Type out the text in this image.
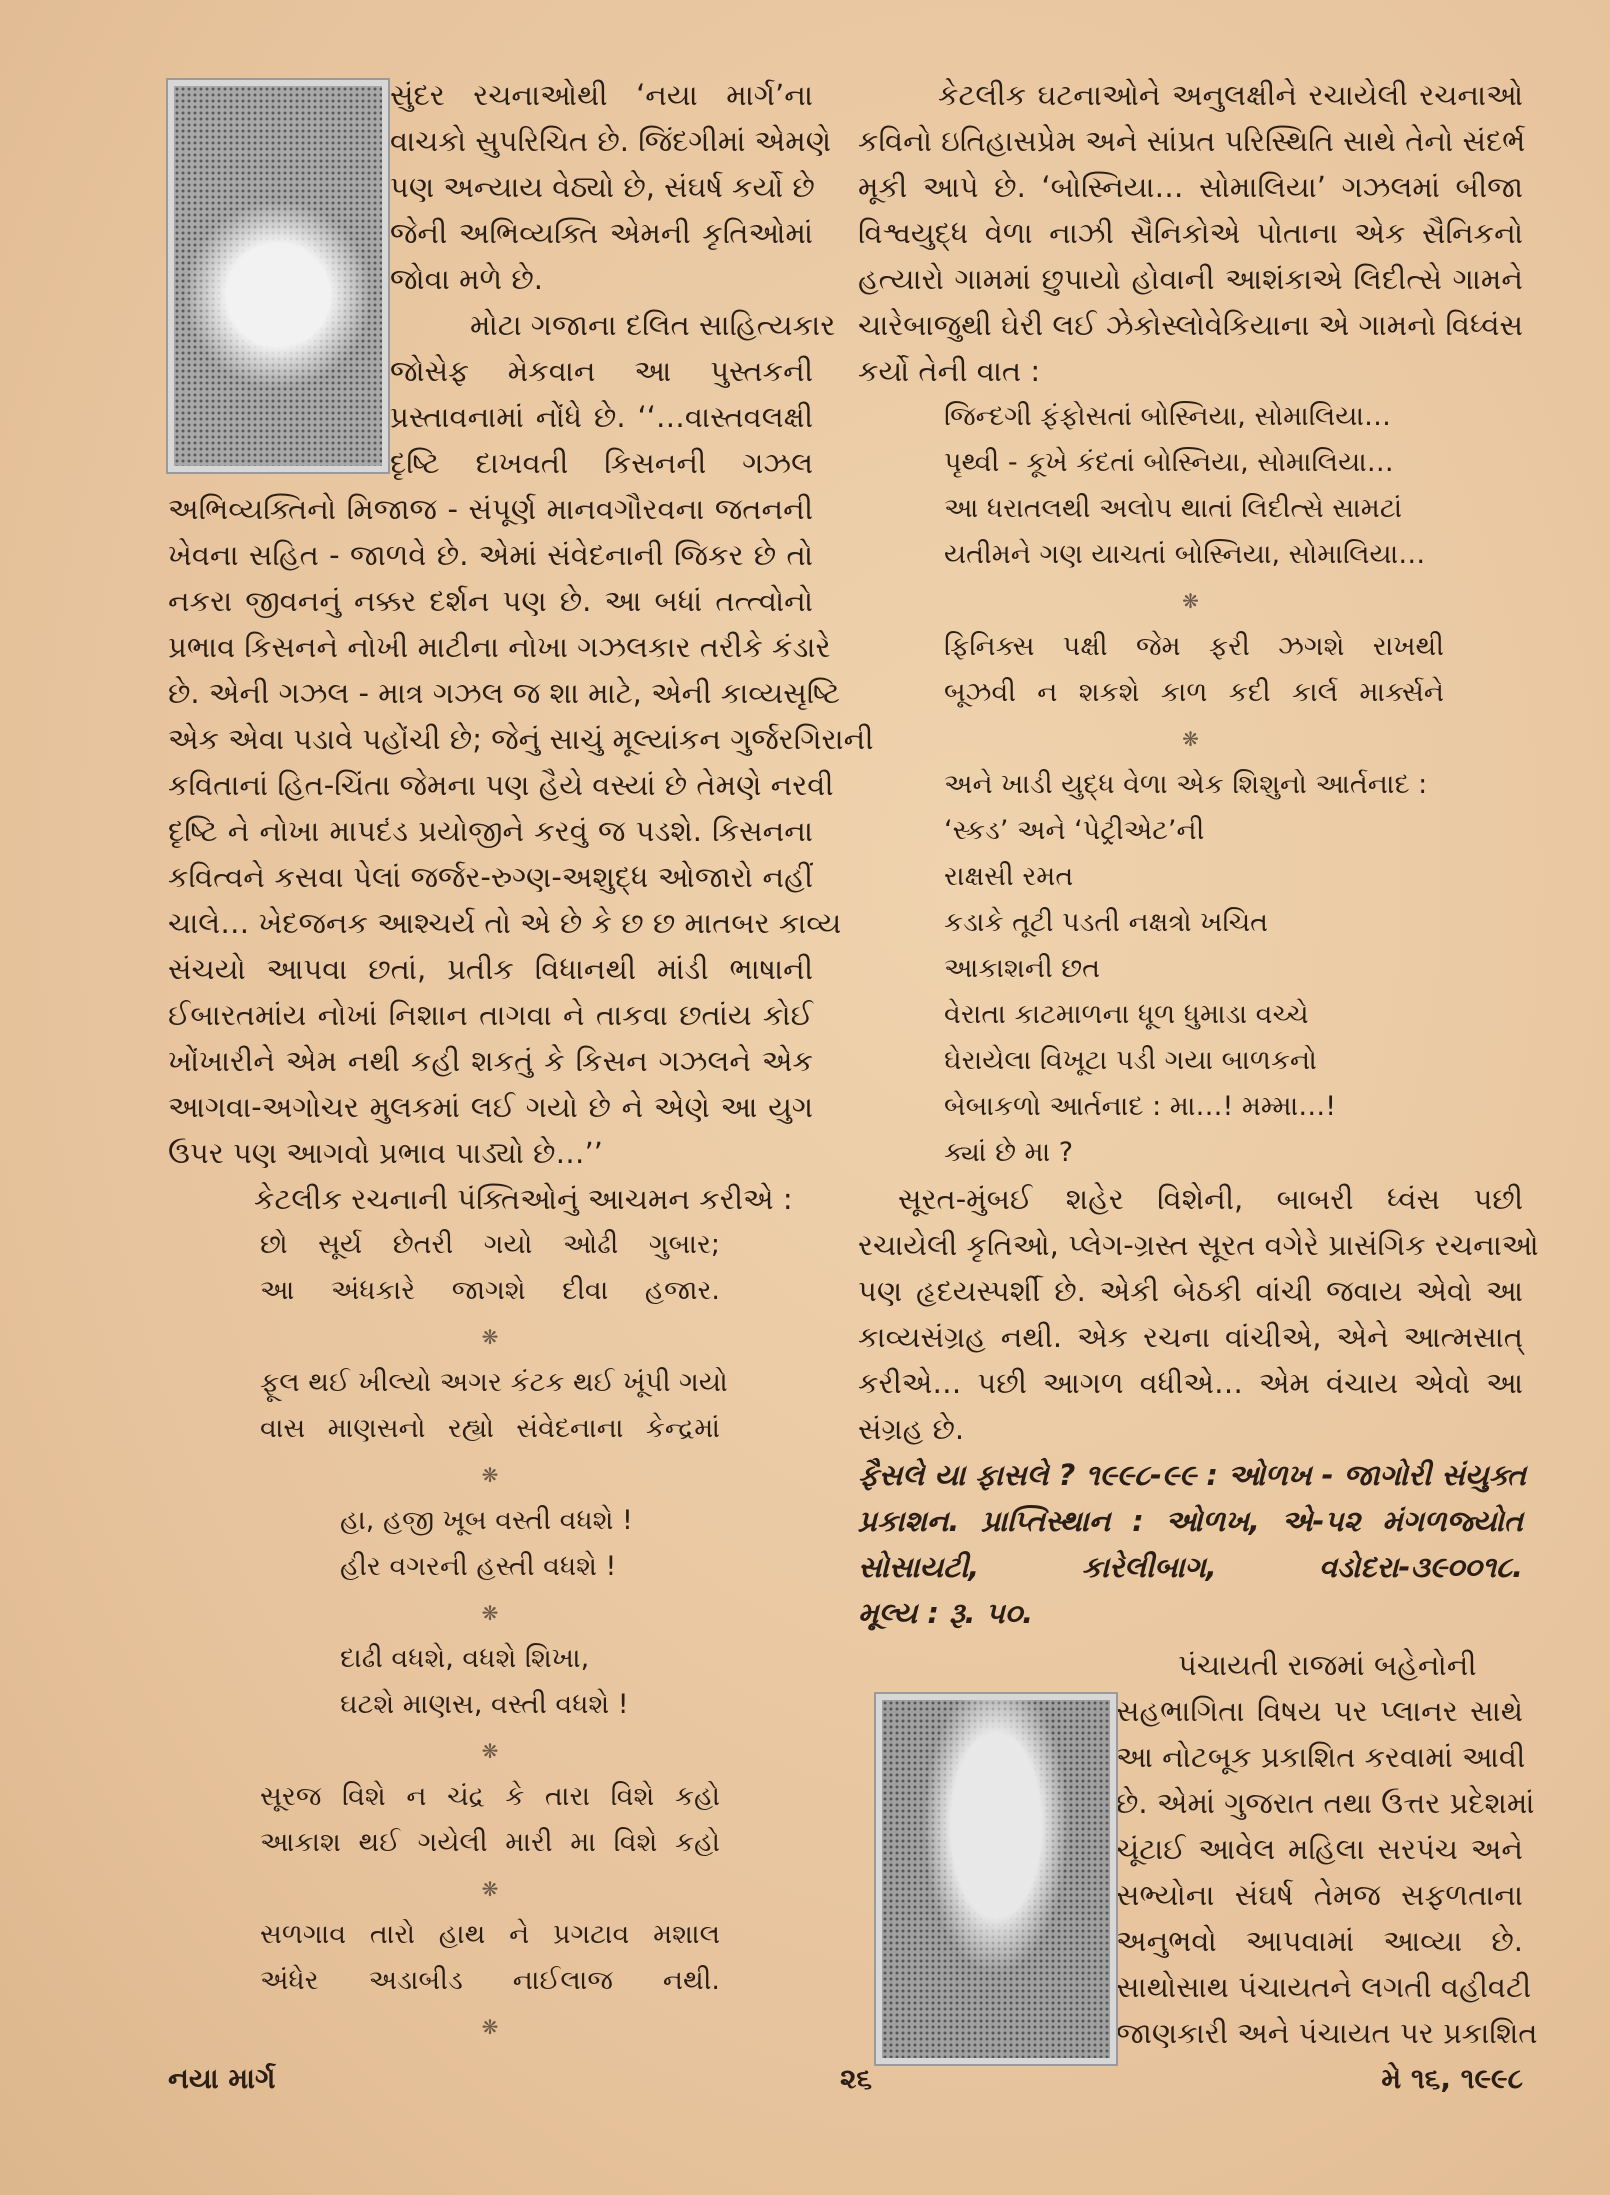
સુંદર રચનાઓથી ‘નયા માર્ગ’ના
વાચકો સુપરિચિત છે. જિંદગીમાં એમણે
પણ અન્યાય વેઠ્યો છે, સંઘર્ષ કર્યો છે
જેની અભિવ્યક્તિ એમની કૃતિઓમાં
જોવા મળે છે.
મોટા ગજાના દલિત સાહિત્યકાર
જોસેફ મેકવાન આ પુસ્તકની
પ્રસ્તાવનામાં નોંધે છે. ‘‘…વાસ્તવલક્ષી
દૃષ્ટિ દાખવતી કિસનની ગઝલ
અભિવ્યક્તિનો મિજાજ - સંપૂર્ણ માનવગૌરવના જતનની
ખેવના સહિત - જાળવે છે. એમાં સંવેદનાની જિકર છે તો
નકરા જીવનનું નક્કર દર્શન પણ છે. આ બધાં તત્ત્વોનો
પ્રભાવ કિસનને નોખી માટીના નોખા ગઝલકાર તરીકે કંડારે
છે. એની ગઝલ - માત્ર ગઝલ જ શા માટે, એની કાવ્યસૃષ્ટિ
એક એવા પડાવે પહોંચી છે; જેનું સાચું મૂલ્યાંકન ગુર્જરગિરાની
કવિતાનાં હિત-ચિંતા જેમના પણ હૈયે વસ્યાં છે તેમણે નરવી
દૃષ્ટિ ને નોખા માપદંડ પ્રયોજીને કરવું જ પડશે. કિસનના
કવિત્વને કસવા પેલાં જર્જર-રુગ્ણ-અશુદ્ધ ઓજારો નહીં
ચાલે… ખેદજનક આશ્ચર્ય તો એ છે કે છ છ માતબર કાવ્ય
સંચયો આપવા છતાં, પ્રતીક વિધાનથી માંડી ભાષાની
ઈબારતમાંય નોખાં નિશાન તાગવા ને તાકવા છતાંય કોઈ
ખોંખારીને એમ નથી કહી શકતું કે કિસન ગઝલને એક
આગવા-અગોચર મુલકમાં લઈ ગયો છે ને એણે આ યુગ
ઉપર પણ આગવો પ્રભાવ પાડ્યો છે…’’
કેટલીક રચનાની પંક્તિઓનું આચમન કરીએ :
છો સૂર્ય છેતરી ગયો ઓઢી ગુબાર;
આ અંધકારે જાગશે દીવા હજાર.
❋
ફૂલ થઈ ખીલ્યો અગર કંટક થઈ ખૂંપી ગયો
વાસ માણસનો રહ્યો સંવેદનાના કેન્દ્રમાં
❋
હા, હજી ખૂબ વસ્તી વધશે !
હીર વગરની હસ્તી વધશે !
❋
દાઢી વધશે, વધશે શિખા,
ઘટશે માણસ, વસ્તી વધશે !
❋
સૂરજ વિશે ન ચંદ્ર કે તારા વિશે કહો
આકાશ થઈ ગયેલી મારી મા વિશે કહો
❋
સળગાવ તારો હાથ ને પ્રગટાવ મશાલ
અંધેર અડાબીડ નાઈલાજ નથી.
❋
કેટલીક ઘટનાઓને અનુલક્ષીને રચાયેલી રચનાઓ
કવિનો ઇતિહાસપ્રેમ અને સાંપ્રત પરિસ્થિતિ સાથે તેનો સંદર્ભ
મૂકી આપે છે. ‘બોસ્નિયા… સોમાલિયા’ ગઝલમાં બીજા
વિશ્વયુદ્ધ વેળા નાઝી સૈનિકોએ પોતાના એક સૈનિકનો
હત્યારો ગામમાં છુપાયો હોવાની આશંકાએ લિદીત્સે ગામને
ચારેબાજુથી ઘેરી લઈ ઝેકોસ્લોવેકિયાના એ ગામનો વિધ્વંસ
કર્યો તેની વાત :
જિન્દગી ફંફોસતાં બોસ્નિયા, સોમાલિયા…
પૃથ્વી - કૂખે કંદતાં બોસ્નિયા, સોમાલિયા…
આ ધરાતલથી અલોપ થાતાં લિદીત્સે સામટાં
યતીમને ગણ યાચતાં બોસ્નિયા, સોમાલિયા…
❋
ફિનિક્સ પક્ષી જેમ ફરી ઝગશે રાખથી
બૂઝવી ન શકશે કાળ કદી કાર્લ માર્ક્સને
❋
અને ખાડી યુદ્ધ વેળા એક શિશુનો આર્તનાદ :
‘સ્કડ’ અને ‘પેટ્રીએટ’ની
રાક્ષસી રમત
કડાકે તૂટી પડતી નક્ષત્રો ખચિત
આકાશની છત
વેરાતા કાટમાળના ધૂળ ધુમાડા વચ્ચે
ઘેરાયેલા વિખૂટા પડી ગયા બાળકનો
બેબાકળો આર્તનાદ : મા…! મમ્મા…!
ક્યાં છે મા ?
સૂરત-મુંબઈ શહેર વિશેની, બાબરી ધ્વંસ પછી
રચાયેલી કૃતિઓ, પ્લેગ-ગ્રસ્ત સૂરત વગેરે પ્રાસંગિક રચનાઓ
પણ હૃદયસ્પર્શી છે. એકી બેઠકી વાંચી જવાય એવો આ
કાવ્યસંગ્રહ નથી. એક રચના વાંચીએ, એને આત્મસાત્
કરીએ… પછી આગળ વધીએ… એમ વંચાય એવો આ
સંગ્રહ છે.
ફૈસલે યા ફાસલે ? ૧૯૯૮-૯૯ : ઓળખ - જાગોરી સંયુક્ત
પ્રકાશન. પ્રાપ્તિસ્થાન : ઓળખ, એ-૫૨ મંગળજ્યોત
સોસાયટી, કારેલીબાગ, વડોદરા-૩૯૦૦૧૮.
મૂલ્ય : રૂ. ૫૦.
પંચાયતી રાજમાં બહેનોની
સહભાગિતા વિષય પર પ્લાનર સાથે
આ નોટબૂક પ્રકાશિત કરવામાં આવી
છે. એમાં ગુજરાત તથા ઉત્તર પ્રદેશમાં
ચૂંટાઈ આવેલ મહિલા સરપંચ અને
સભ્યોના સંઘર્ષ તેમજ સફળતાના
અનુભવો આપવામાં આવ્યા છે.
સાથોસાથ પંચાયતને લગતી વહીવટી
જાણકારી અને પંચાયત પર પ્રકાશિત
નયા માર્ગ	૨૬	મે ૧૬, ૧૯૯૮
